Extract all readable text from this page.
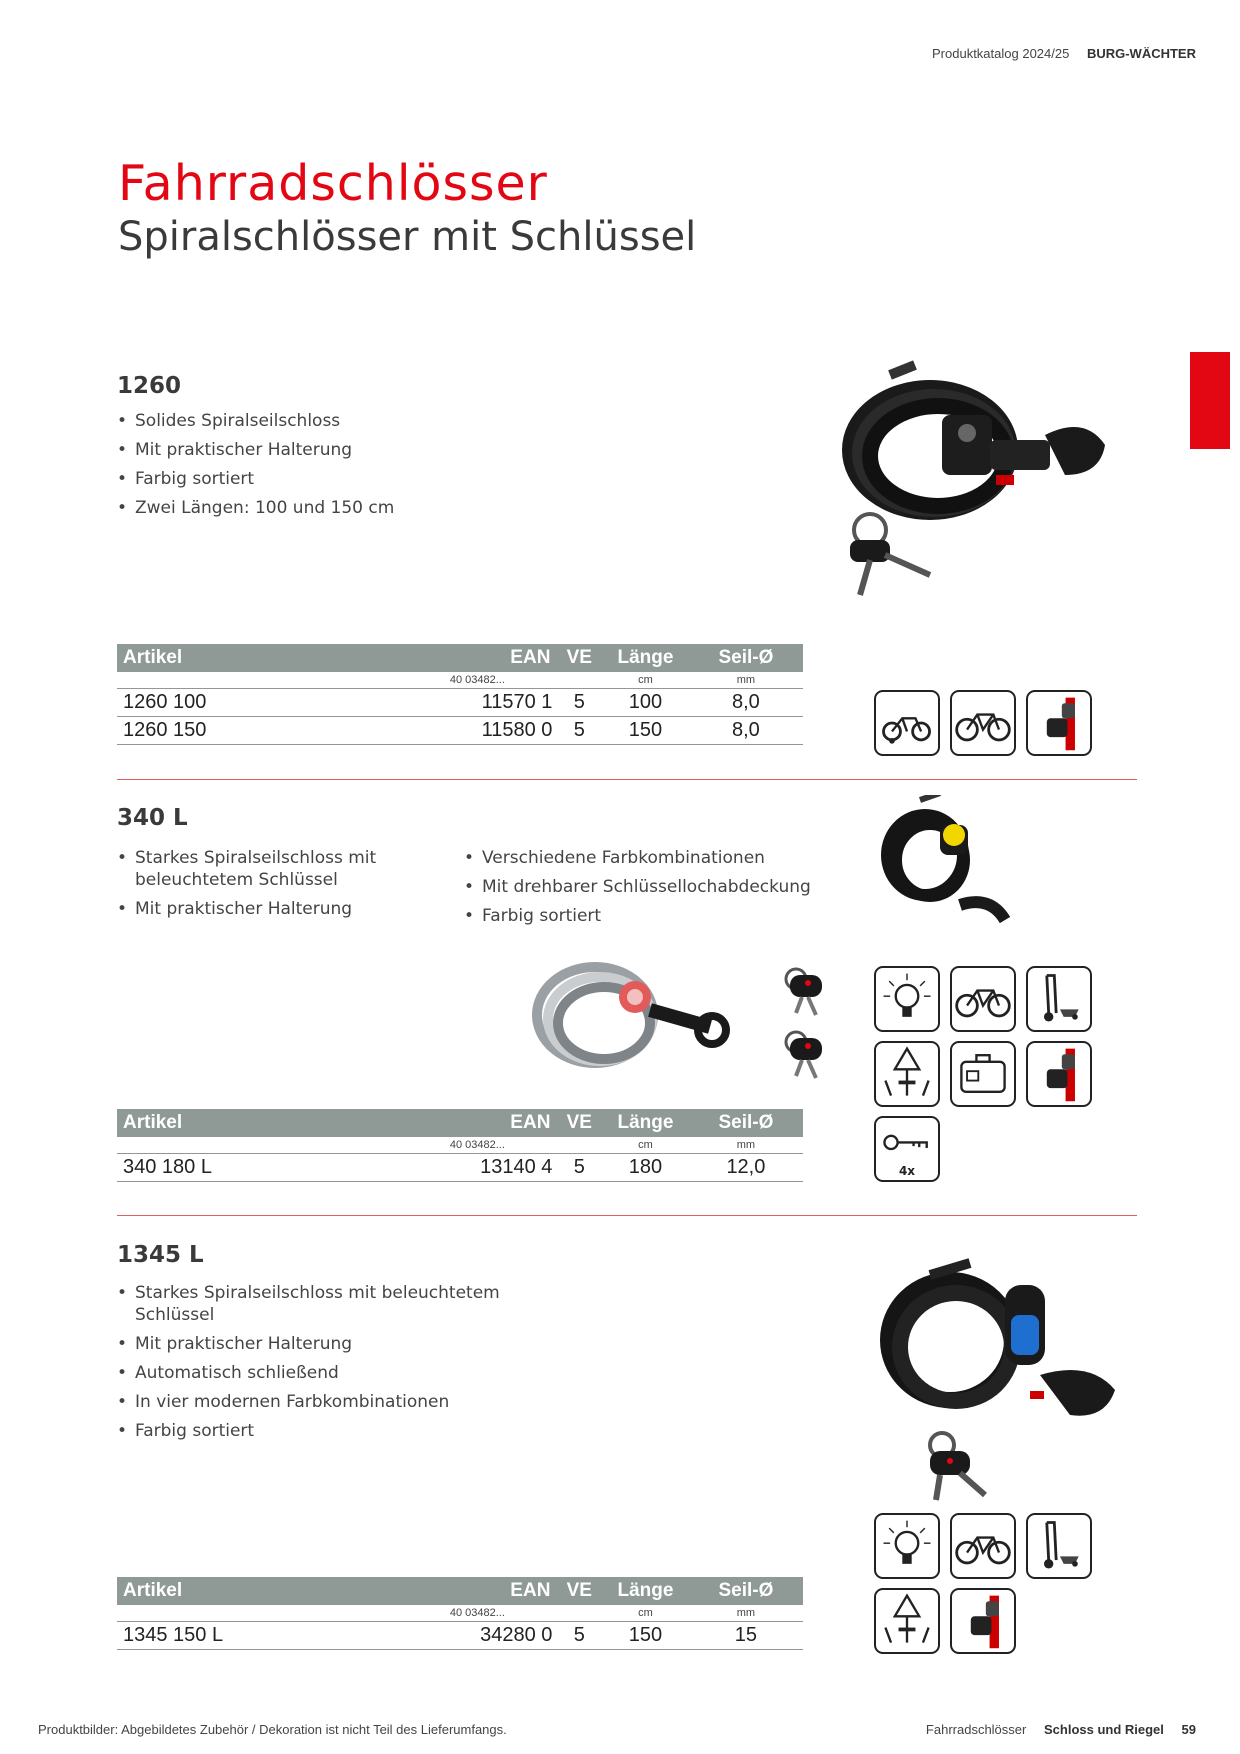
Produktkatalog 2024/25 BURG-WÄCHTER
Fahrradschlösser
Spiralschlösser mit Schlüssel
1260
• Solides Spiralseilschloss
• Mit praktischer Halterung
• Farbig sortiert
• Zwei Längen: 100 und 150 cm
Artikel	EAN	VE	Länge	Seil-Ø
	40 03482...		cm	mm
1260 100	11570 1	5	100	8,0
1260 150	11580 0	5	150	8,0
340 L
• Starkes Spiralseilschloss mit beleuchtetem Schlüssel
• Mit praktischer Halterung
• Verschiedene Farbkombinationen
• Mit drehbarer Schlüssellochabdeckung
• Farbig sortiert
Artikel	EAN	VE	Länge	Seil-Ø
	40 03482...		cm	mm
340 180 L	13140 4	5	180	12,0	4x
1345 L
• Starkes Spiralseilschloss mit beleuchtetem Schlüssel
• Mit praktischer Halterung
• Automatisch schließend
• In vier modernen Farbkombinationen
• Farbig sortiert
Artikel	EAN	VE	Länge	Seil-Ø
	40 03482...		cm	mm
1345 150 L	34280 0	5	150	15
Produktbilder: Abgebildetes Zubehör / Dekoration ist nicht Teil des Lieferumfangs.	Fahrradschlösser Schloss und Riegel 59
